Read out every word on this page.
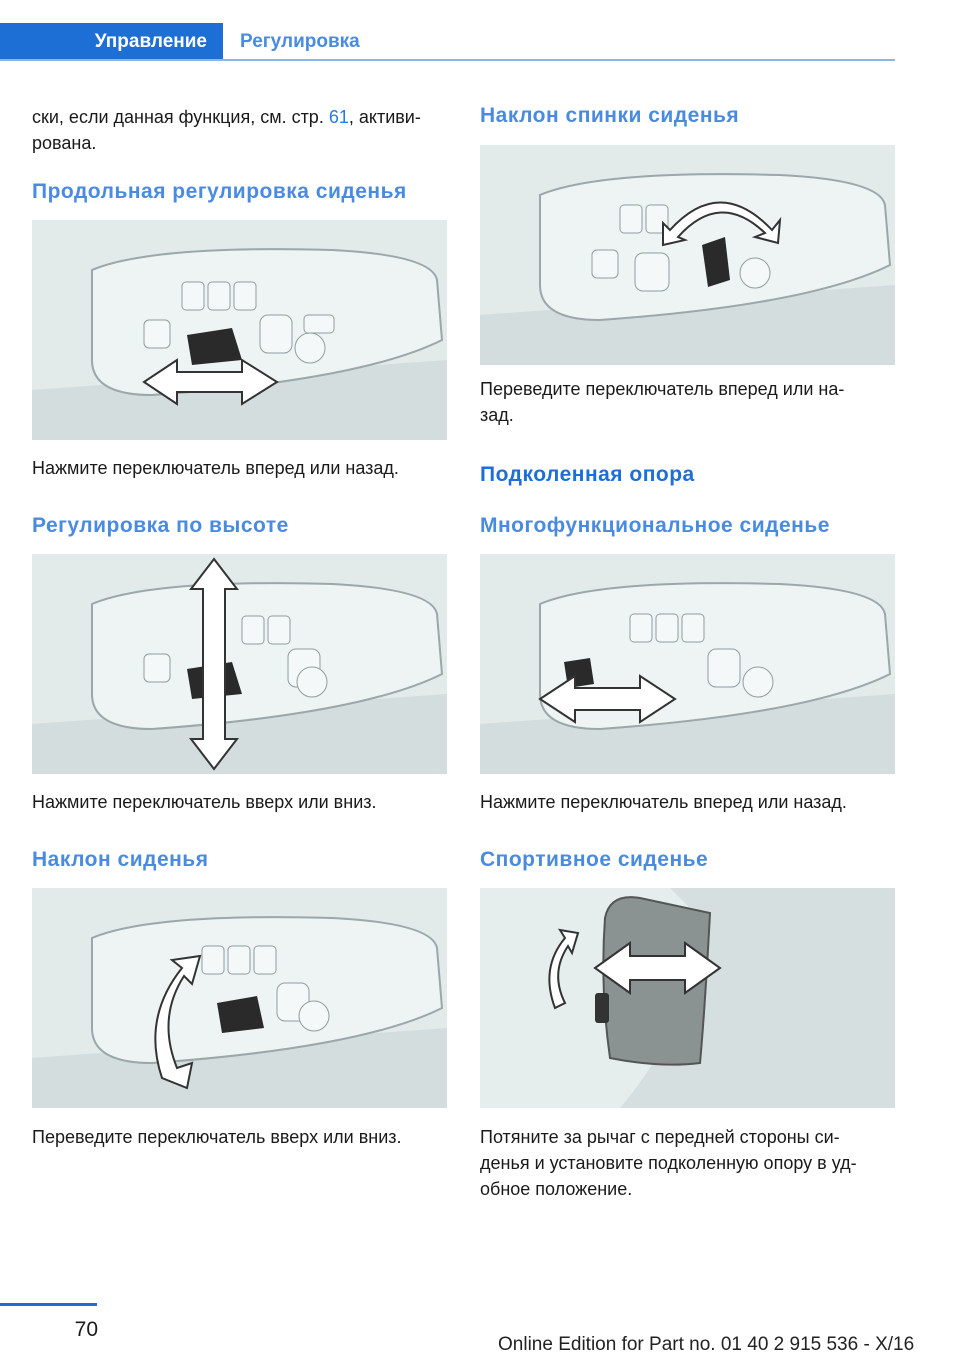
Управление	Регулировка

ски, если данная функция, см. стр. 61, активи-
рована.

Продольная регулировка сиденья

Нажмите переключатель вперед или назад.

Регулировка по высоте

Нажмите переключатель вверх или вниз.

Наклон сиденья

Переведите переключатель вверх или вниз.

Наклон спинки сиденья

Переведите переключатель вперед или на-
зад.

Подколенная опора
Многофункциональное сиденье

Нажмите переключатель вперед или назад.

Спортивное сиденье

Потяните за рычаг с передней стороны си-
денья и установите подколенную опору в уд-
обное положение.

70
Online Edition for Part no. 01 40 2 915 536 - X/16
